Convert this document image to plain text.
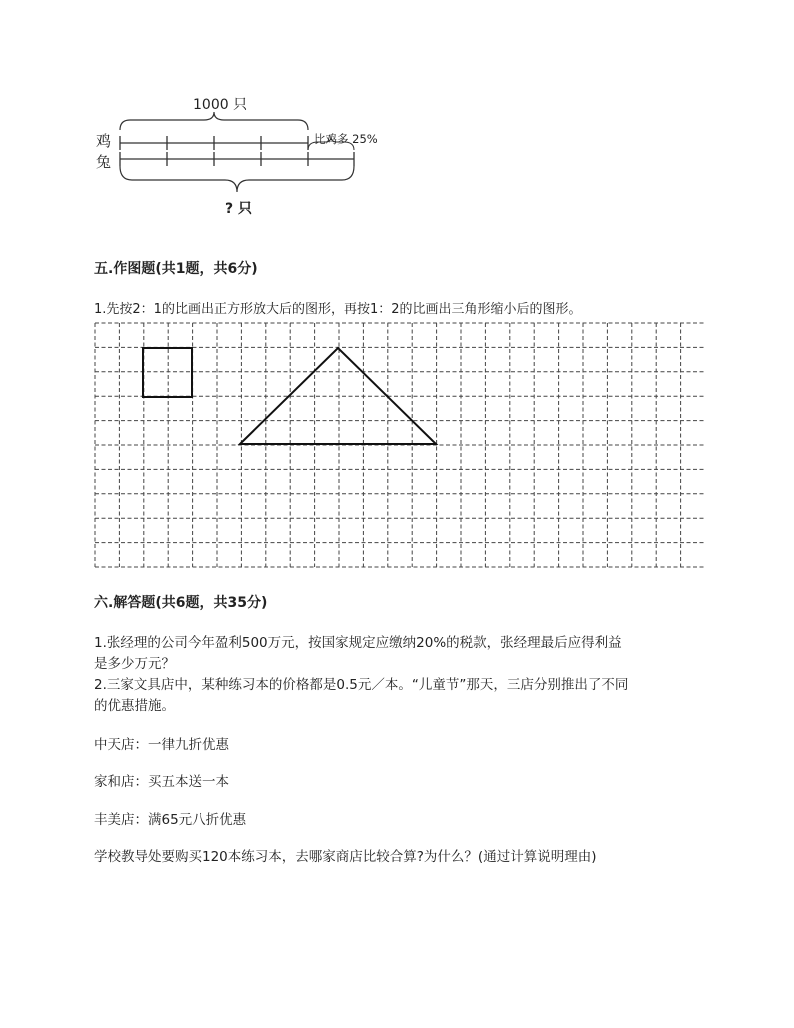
1000 只
鸡
兔
比鸡多 25%
? 只
五.作图题(共1题，共6分)
1.先按2：1的比画出正方形放大后的图形，再按1：2的比画出三角形缩小后的图形。
六.解答题(共6题，共35分)
1.张经理的公司今年盈利500万元，按国家规定应缴纳20%的税款，张经理最后应得利益
是多少万元？
2.三家文具店中，某种练习本的价格都是0.5元／本。“儿童节”那天，三店分别推出了不同
的优惠措施。
中天店：一律九折优惠
家和店：买五本送一本
丰美店：满65元八折优惠
学校教导处要购买120本练习本，去哪家商店比较合算?为什么？(通过计算说明理由)
